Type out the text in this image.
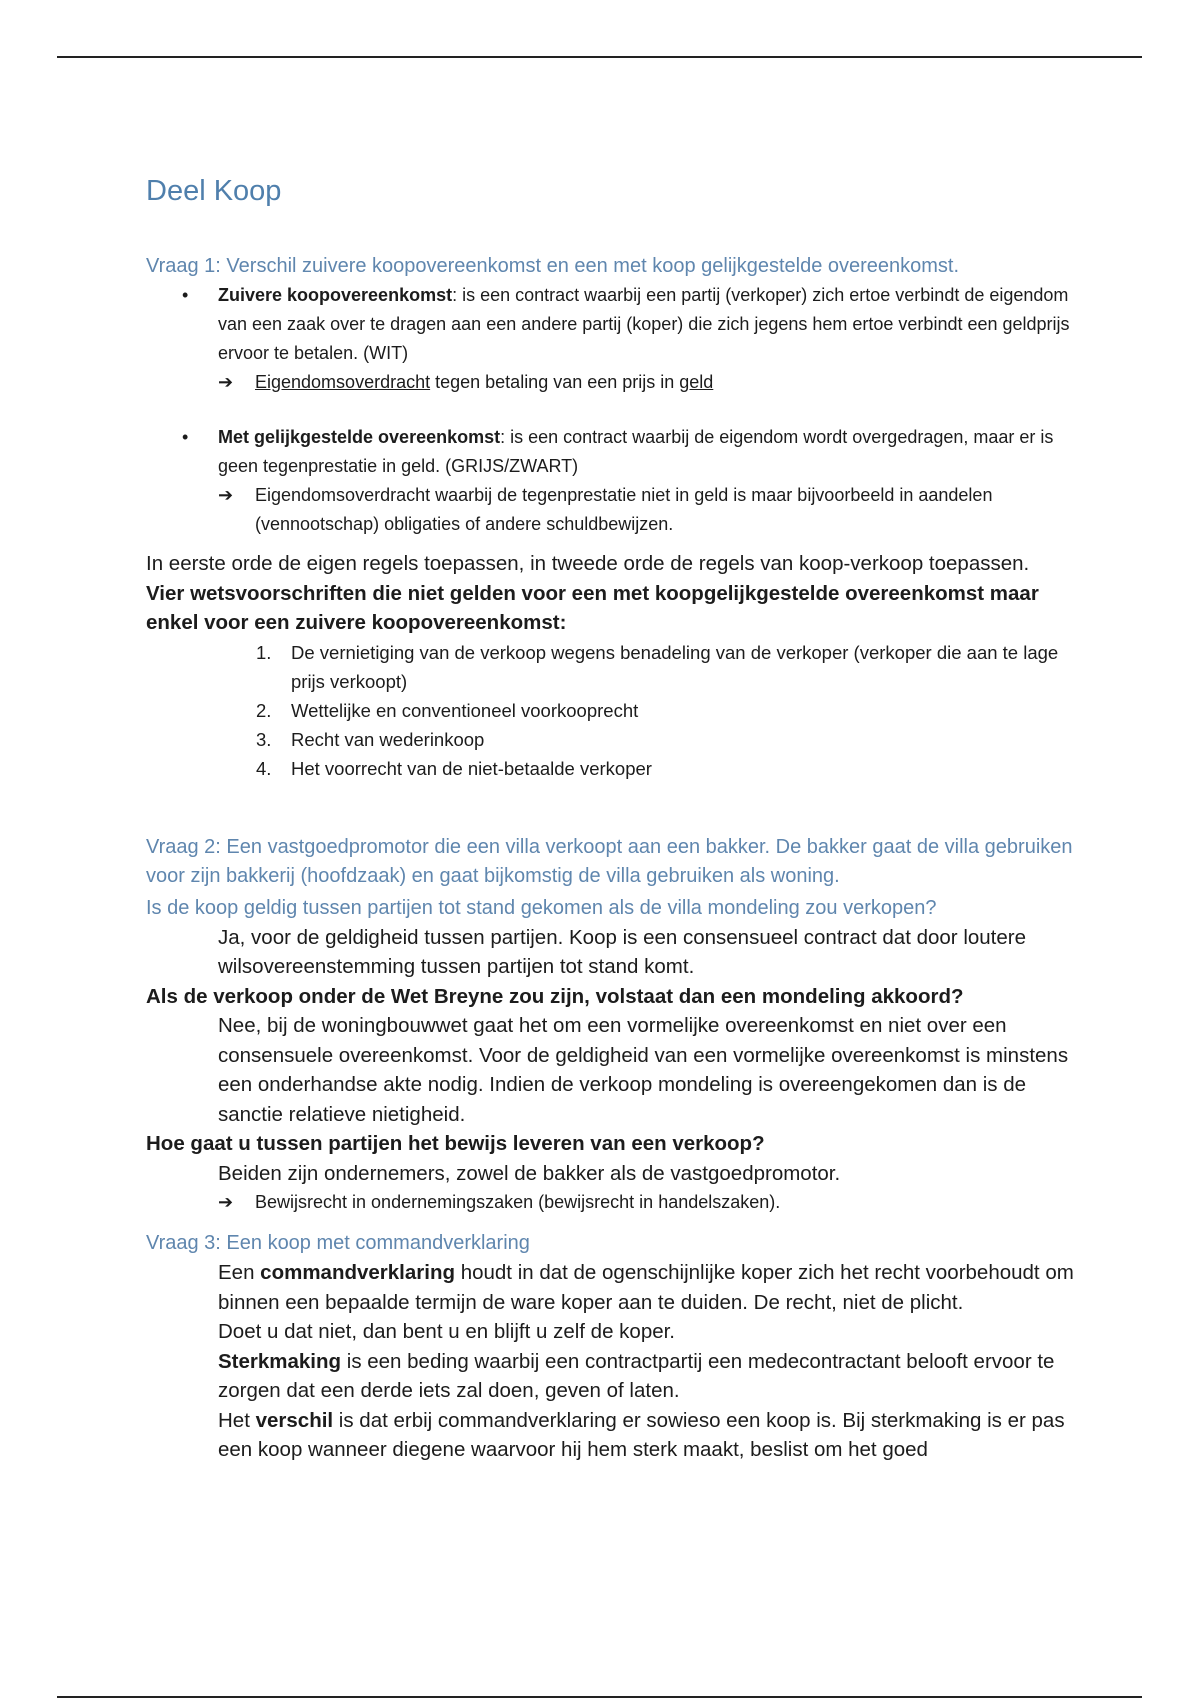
Deel Koop

Vraag 1: Verschil zuivere koopovereenkomst en een met koop gelijkgestelde overeenkomst.

• Zuivere koopovereenkomst: is een contract waarbij een partij (verkoper) zich ertoe verbindt de eigendom van een zaak over te dragen aan een andere partij (koper) die zich jegens hem ertoe verbindt een geldprijs ervoor te betalen. (WIT)

➔ Eigendomsoverdracht tegen betaling van een prijs in geld

• Met gelijkgestelde overeenkomst: is een contract waarbij de eigendom wordt overgedragen, maar er is geen tegenprestatie in geld. (GRIJS/ZWART)

➔ Eigendomsoverdracht waarbij de tegenprestatie niet in geld is maar bijvoorbeeld in aandelen (vennootschap) obligaties of andere schuldbewijzen.

In eerste orde de eigen regels toepassen, in tweede orde de regels van koop-verkoop toepassen.

Vier wetsvoorschriften die niet gelden voor een met koopgelijkgestelde overeenkomst maar enkel voor een zuivere koopovereenkomst:

1. De vernietiging van de verkoop wegens benadeling van de verkoper (verkoper die aan te lage prijs verkoopt)

2. Wettelijke en conventioneel voorkooprecht

3. Recht van wederinkoop

4. Het voorrecht van de niet-betaalde verkoper

Vraag 2: Een vastgoedpromotor die een villa verkoopt aan een bakker. De bakker gaat de villa gebruiken voor zijn bakkerij (hoofdzaak) en gaat bijkomstig de villa gebruiken als woning.

Is de koop geldig tussen partijen tot stand gekomen als de villa mondeling zou verkopen?

Ja, voor de geldigheid tussen partijen. Koop is een consensueel contract dat door loutere wilsovereenstemming tussen partijen tot stand komt.

Als de verkoop onder de Wet Breyne zou zijn, volstaat dan een mondeling akkoord?

Nee, bij de woningbouwwet gaat het om een vormelijke overeenkomst en niet over een consensuele overeenkomst. Voor de geldigheid van een vormelijke overeenkomst is minstens een onderhandse akte nodig. Indien de verkoop mondeling is overeengekomen dan is de sanctie relatieve nietigheid.

Hoe gaat u tussen partijen het bewijs leveren van een verkoop?

Beiden zijn ondernemers, zowel de bakker als de vastgoedpromotor.

➔ Bewijsrecht in ondernemingszaken (bewijsrecht in handelszaken).

Vraag 3: Een koop met commandverklaring

Een commandverklaring houdt in dat de ogenschijnlijke koper zich het recht voorbehoudt om binnen een bepaalde termijn de ware koper aan te duiden. De recht, niet de plicht.

Doet u dat niet, dan bent u en blijft u zelf de koper.

Sterkmaking is een beding waarbij een contractpartij een medecontractant belooft ervoor te zorgen dat een derde iets zal doen, geven of laten.

Het verschil is dat erbij commandverklaring er sowieso een koop is. Bij sterkmaking is er pas een koop wanneer diegene waarvoor hij hem sterk maakt, beslist om het goed
